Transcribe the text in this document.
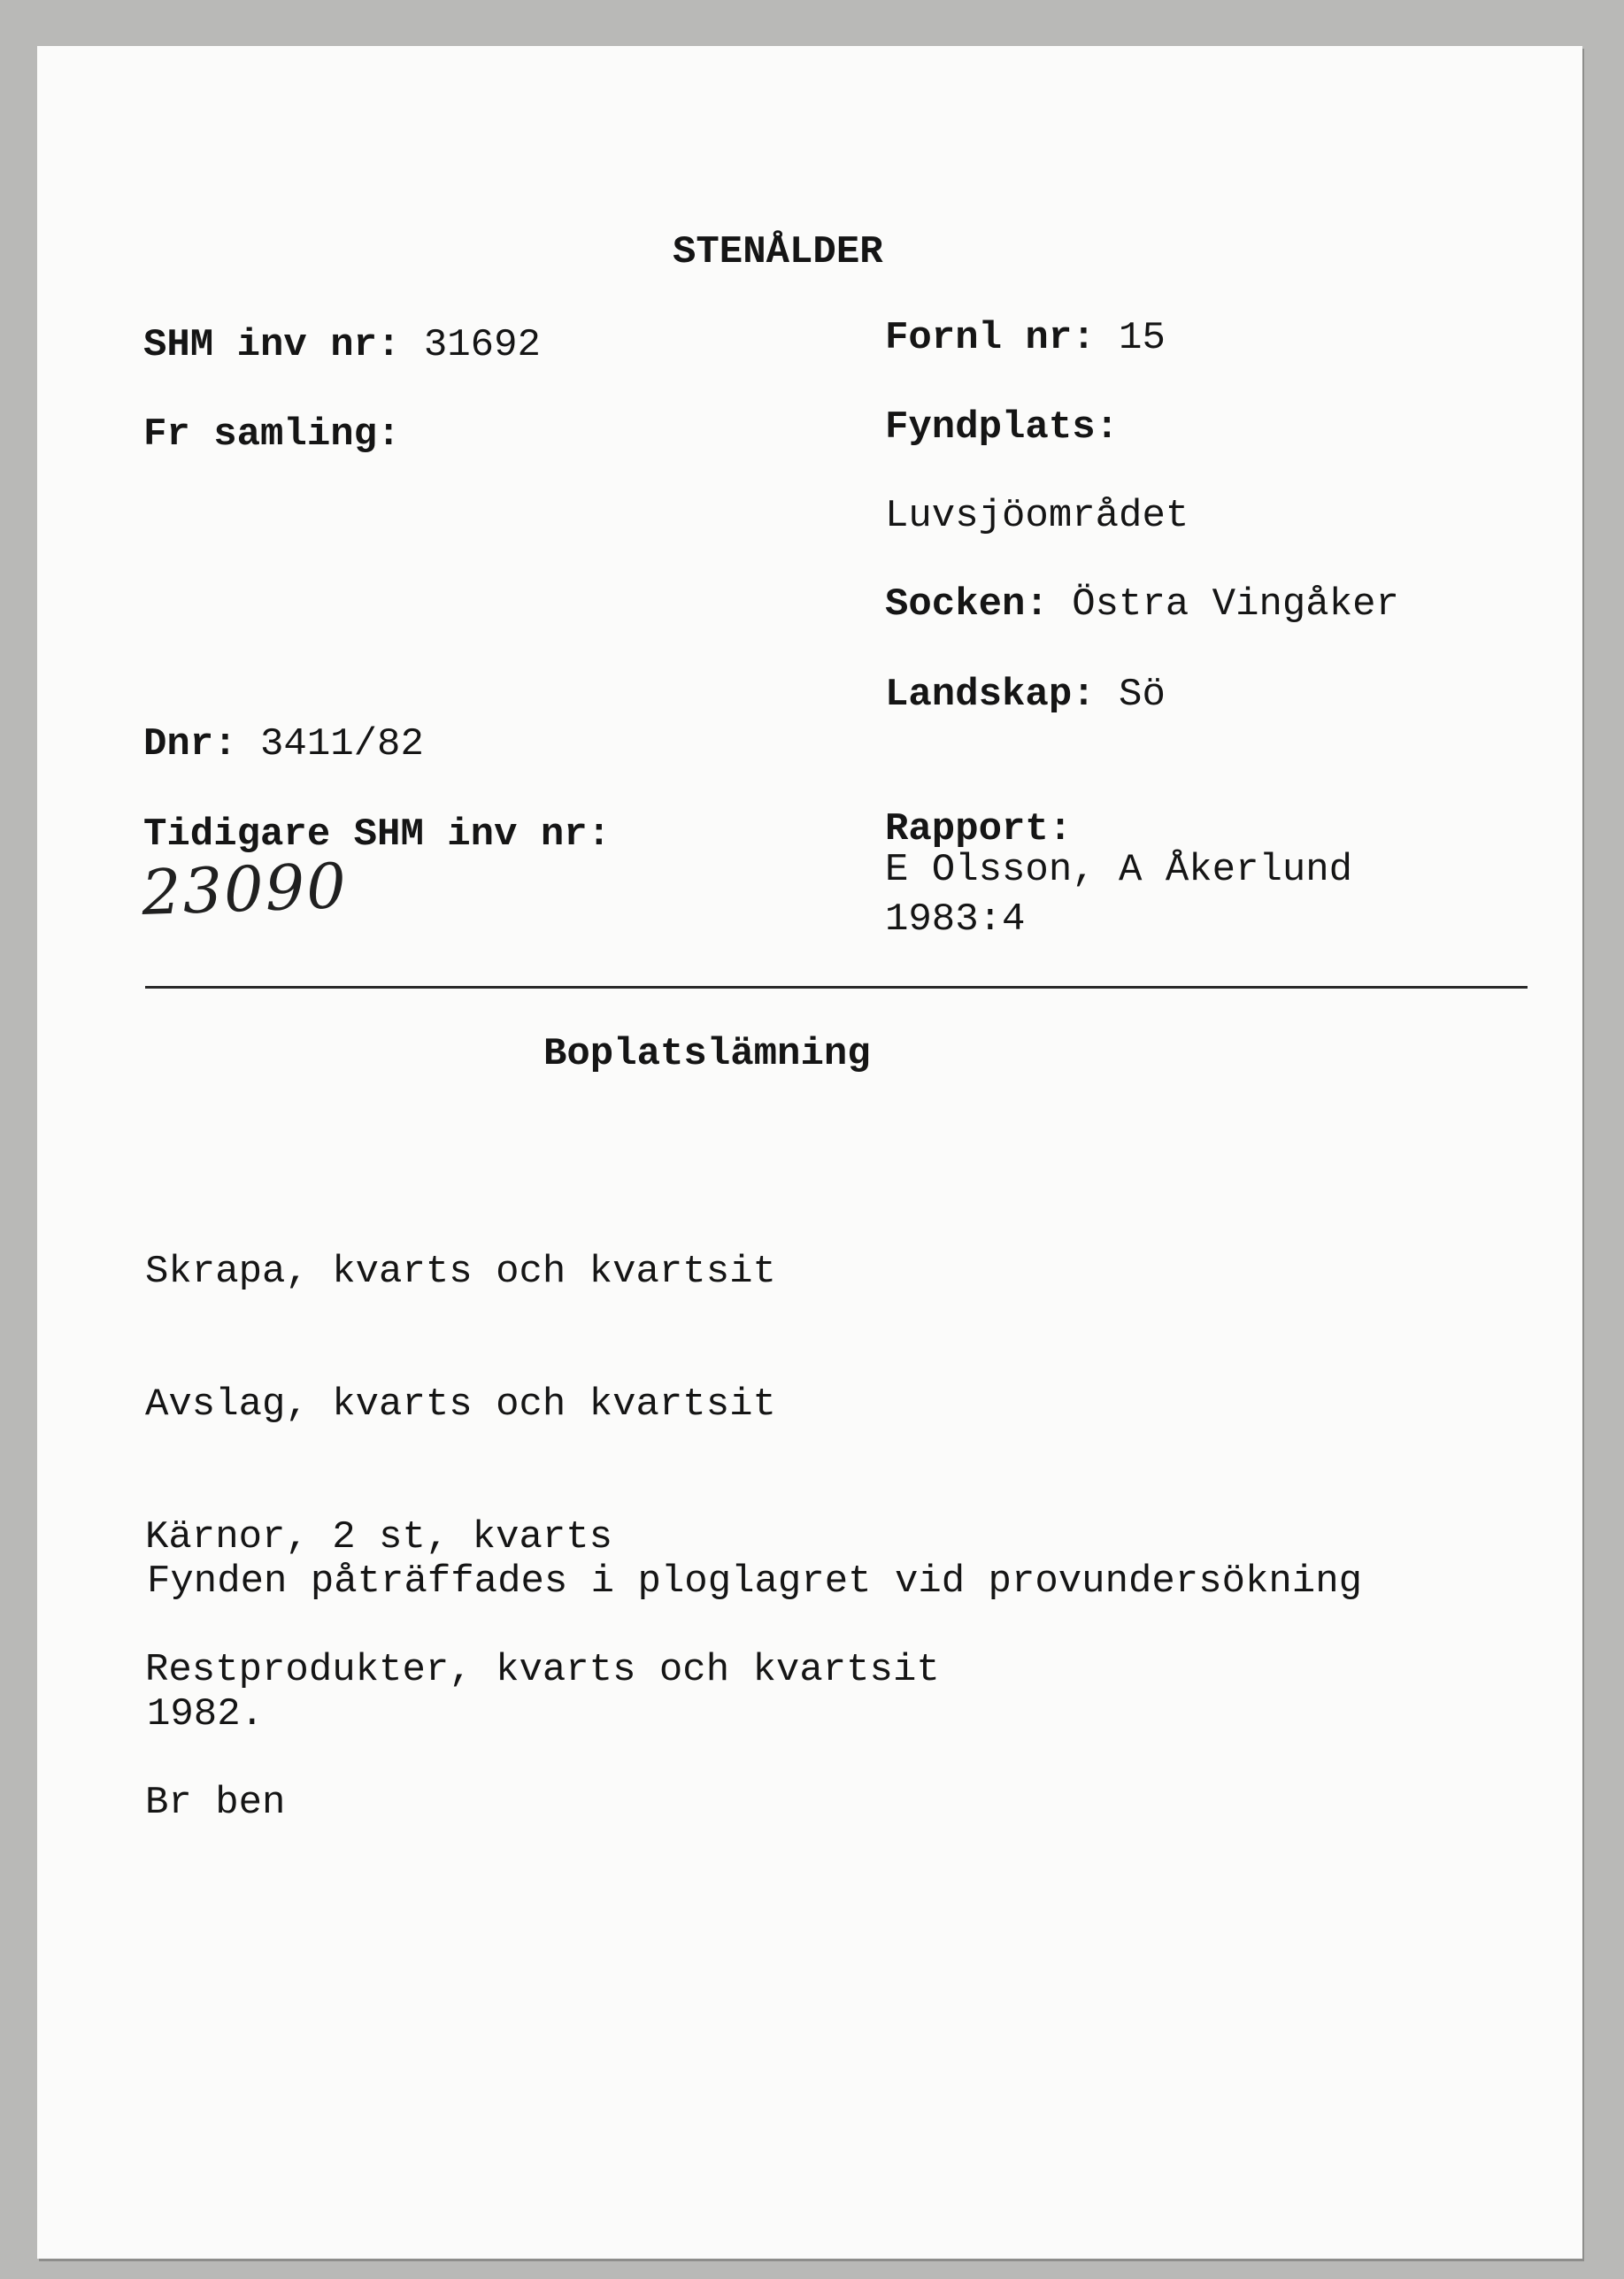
STENÅLDER
SHM inv nr: 31692
Fr samling:
Dnr: 3411/82
Tidigare SHM inv nr:
23090
Fornl nr: 15
Fyndplats:
Luvsjöområdet
Socken: Östra Vingåker
Landskap: Sö
Rapport:
E Olsson, A Åkerlund
1983:4
Boplatslämning

Skrapa, kvarts och kvartsit

Avslag, kvarts och kvartsit

Kärnor, 2 st, kvarts

Restprodukter, kvarts och kvartsit

Br ben

Fynden påträffades i ploglagret vid provundersökning

1982.
